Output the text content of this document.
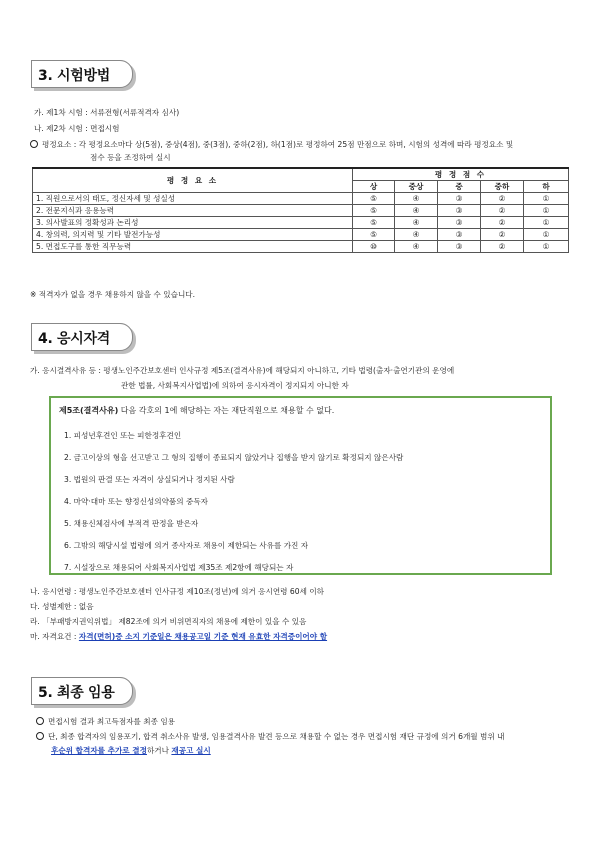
3. 시험방법
가. 제1차 시험 : 서류전형(서류적격자 심사)
나. 제2차 시험 : 면접시험
평정요소 : 각 평정요소마다 상(5점), 중상(4점), 중(3점), 중하(2점), 하(1점)로 평정하여 25점 만점으로 하며, 시험의 성격에 따라 평정요소 및
점수 등을 조정하여 실시
평 정 요 소	평 정 점 수				
	상	중상	중	중하	하
1. 직원으로서의 태도, 정신자세 및 성실성	⑤	④	③	②	①
2. 전문지식과 응용능력	⑤	④	③	②	①
3. 의사발표의 정확성과 논리성	⑤	④	③	②	①
4. 창의력, 의지력 및 기타 발전가능성	⑤	④	③	②	①
5. 면접도구를 통한 직무능력	⑩	④	③	②	①
※ 적격자가 없을 경우 채용하지 않을 수 있습니다.
4. 응시자격
가. 응시결격사유 등 : 평생노인주간보호센터 인사규정 제5조(결격사유)에 해당되지 아니하고, 기타 법령(출자·출연기관의 운영에
관한 법률, 사회복지사업법)에 의하여 응시자격이 정지되지 아니한 자
제5조(결격사유) 다음 각호의 1에 해당하는 자는 재단직원으로 채용할 수 없다.
1. 피성년후견인 또는 피한정후견인
2. 금고이상의 형을 선고받고 그 형의 집행이 종료되지 않았거나 집행을 받지 않기로 확정되지 않은사람
3. 법원의 판결 또는 자격이 상실되거나 정지된 사람
4. 마약·대마 또는 향정신성의약품의 중독자
5. 채용신체검사에 부적격 판정을 받은자
6. 그밖의 해당시설 법령에 의거 종사자로 채용이 제한되는 사유를 가진 자
7. 시설장으로 채용되어 사회복지사업법 제35조 제2항에 해당되는 자
나. 응시연령 : 평생노인주간보호센터 인사규정 제10조(정년)에 의거 응시연령 60세 이하
다. 성별제한 : 없음
라. 「부패방지권익위법」 제82조에 의거 비위면직자의 채용에 제한이 있을 수 있음
마. 자격요건 : 자격(면허)증 소지 기준일은 채용공고일 기준 현재 유효한 자격증이어야 함
5. 최종 임용
면접시험 결과 최고득점자를 최종 임용
단, 최종 합격자의 임용포기, 합격 취소사유 발생, 임용결격사유 발견 등으로 채용할 수 없는 경우 면접시험 재단 규정에 의거 6개월 범위 내
후순위 합격자를 추가로 결정하거나 재공고 실시
